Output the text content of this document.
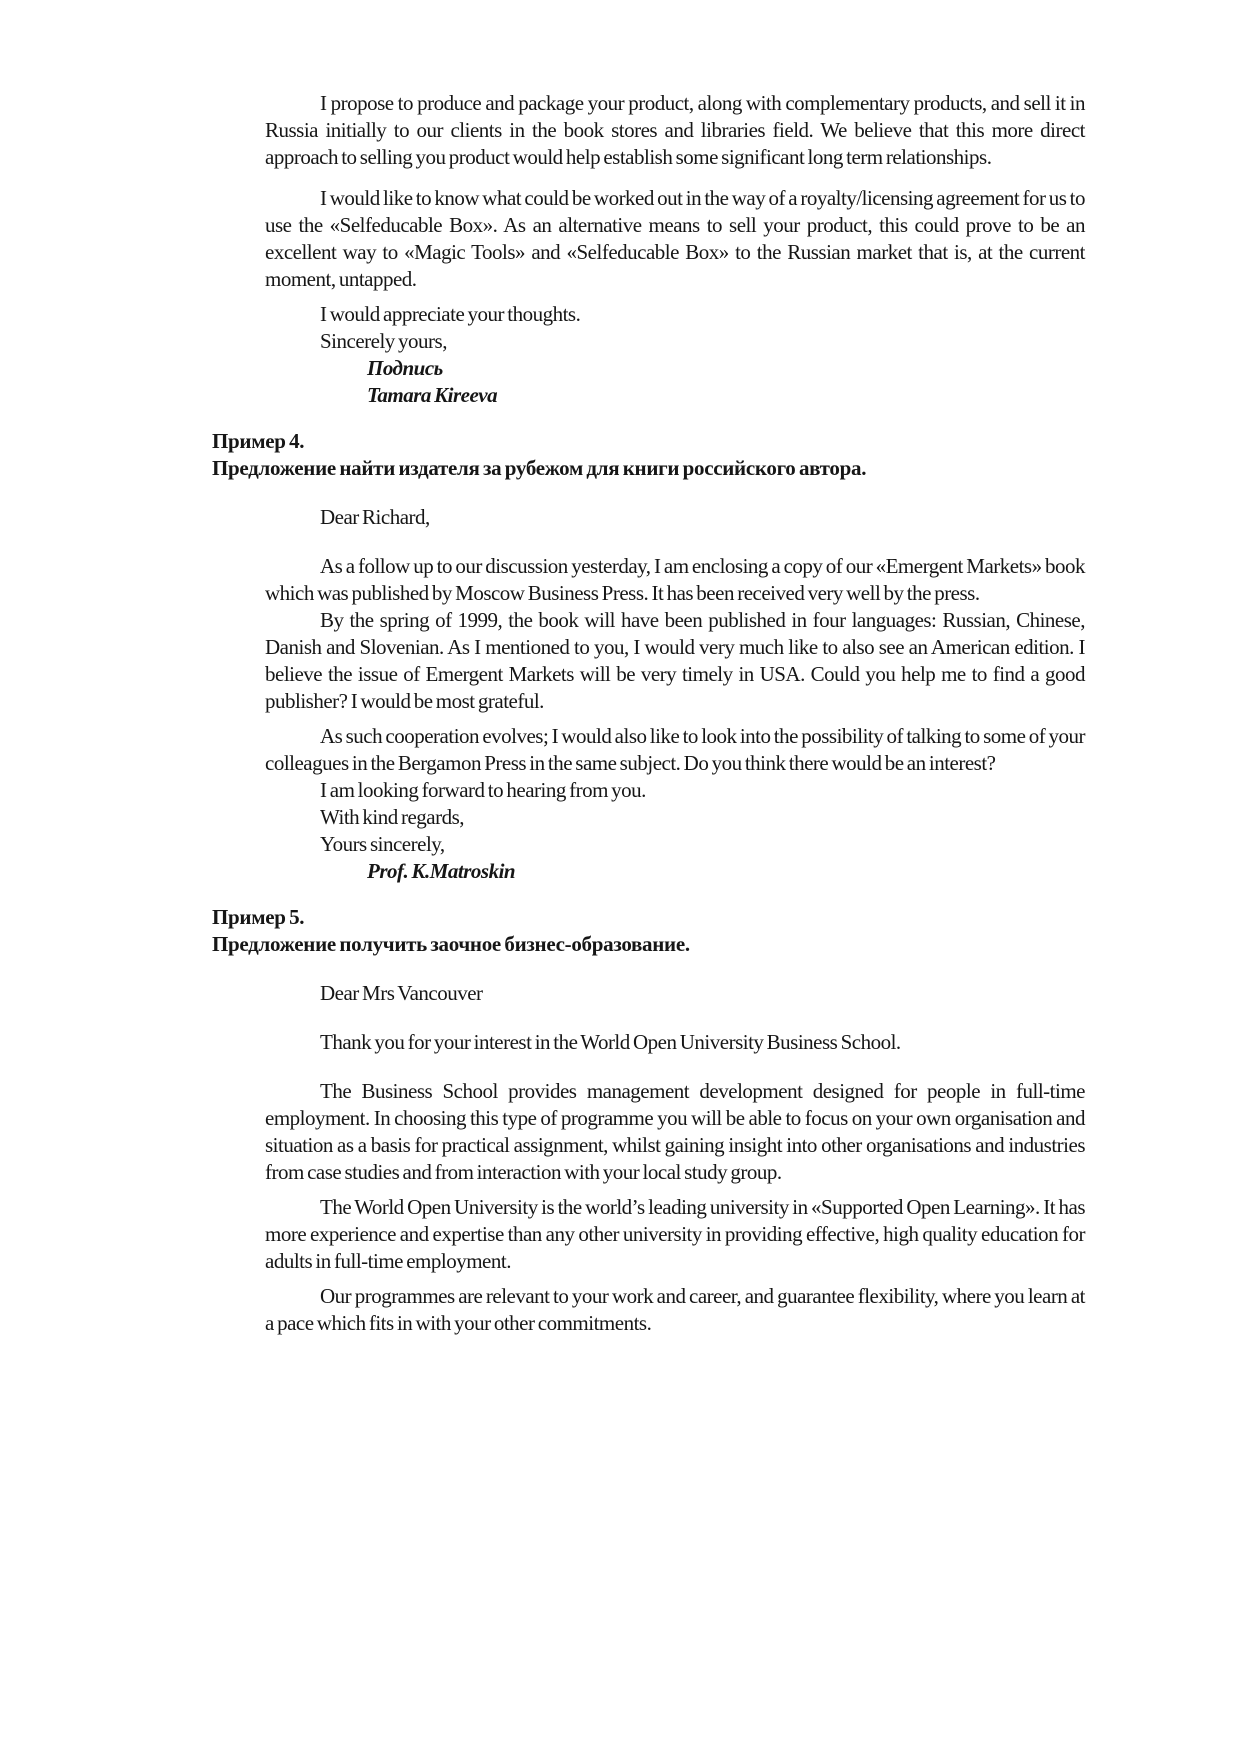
I propose to produce and package your product, along with complementary products, and sell it in Russia initially to our clients in the book stores and libraries field. We believe that this more direct approach to selling you product would help establish some significant long term relationships.

I would like to know what could be worked out in the way of a royalty/licensing agreement for us to use the «Selfeducable Box». As an alternative means to sell your product, this could prove to be an excellent way to «Magic Tools» and «Selfeducable Box» to the Russian market that is, at the current moment, untapped.

I would appreciate your thoughts.

Sincerely yours,

Подпись

Tamara Kireeva

Пример 4.

Предложение найти издателя за рубежом для книги российского автора.

Dear Richard,

As a follow up to our discussion yesterday, I am enclosing a copy of our «Emergent Markets» book which was published by Moscow Business Press. It has been received very well by the press.

By the spring of 1999, the book will have been published in four languages: Russian, Chinese, Danish and Slovenian. As I mentioned to you, I would very much like to also see an American edition. I believe the issue of Emergent Markets will be very timely in USA. Could you help me to find a good publisher? I would be most grateful.

As such cooperation evolves; I would also like to look into the possibility of talking to some of your colleagues in the Bergamon Press in the same subject. Do you think there would be an interest?

I am looking forward to hearing from you.

With kind regards,

Yours sincerely,

Prof. K.Matroskin

Пример 5.

Предложение получить заочное бизнес-образование.

Dear Mrs Vancouver

Thank you for your interest in the World Open University Business School.

The Business School provides management development designed for people in full-time employment. In choosing this type of programme you will be able to focus on your own organisation and situation as a basis for practical assignment, whilst gaining insight into other organisations and industries from case studies and from interaction with your local study group.

The World Open University is the world’s leading university in «Supported Open Learning». It has more experience and expertise than any other university in providing effective, high quality education for adults in full-time employment.

Our programmes are relevant to your work and career, and guarantee flexibility, where you learn at a pace which fits in with your other commitments.
